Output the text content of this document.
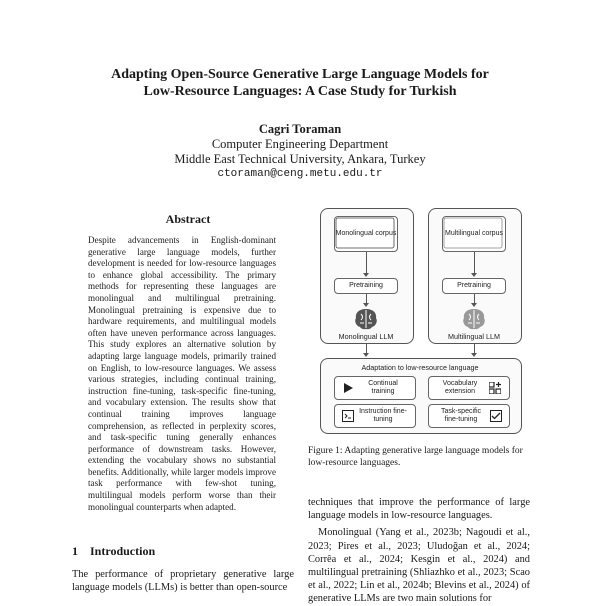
Adapting Open-Source Generative Large Language Models for
Low-Resource Languages: A Case Study for Turkish
Cagri Toraman
Computer Engineering Department
Middle East Technical University, Ankara, Turkey
ctoraman@ceng.metu.edu.tr
Abstract
Despite advancements in English-dominant generative large language models, further development is needed for low-resource languages to enhance global accessibility. The primary methods for representing these languages are monolingual and multilingual pretraining. Monolingual pretraining is expensive due to hardware requirements, and multilingual models often have uneven performance across languages. This study explores an alternative solution by adapting large language models, primarily trained on English, to low-resource languages. We assess various strategies, including continual training, instruction fine-tuning, task-specific fine-tuning, and vocabulary extension. The results show that continual training improves language comprehension, as reflected in perplexity scores, and task-specific tuning generally enhances performance of downstream tasks. However, extending the vocabulary shows no substantial benefits. Additionally, while larger models improve task performance with few-shot tuning, multilingual models perform worse than their monolingual counterparts when adapted.
1 Introduction
The performance of proprietary generative large language models (LLMs) is better than open-source
Monolingual corpus
Pretraining
Monolingual LLM
Multilingual corpus
Pretraining
Multilingual LLM
Adaptation to low-resource language
Continual training
Vocabulary extension
Instruction fine-tuning
Task-specific fine-tuning
Figure 1: Adapting generative large language models for low-resource languages.

techniques that improve the performance of large language models in low-resource languages.

Monolingual (Yang et al., 2023b; Nagoudi et al., 2023; Pires et al., 2023; Uludoğan et al., 2024; Corrêa et al., 2024; Kesgin et al., 2024) and multilingual pretraining (Shliazhko et al., 2023; Scao et al., 2022; Lin et al., 2024b; Blevins et al., 2024) of generative LLMs are two main solutions for
